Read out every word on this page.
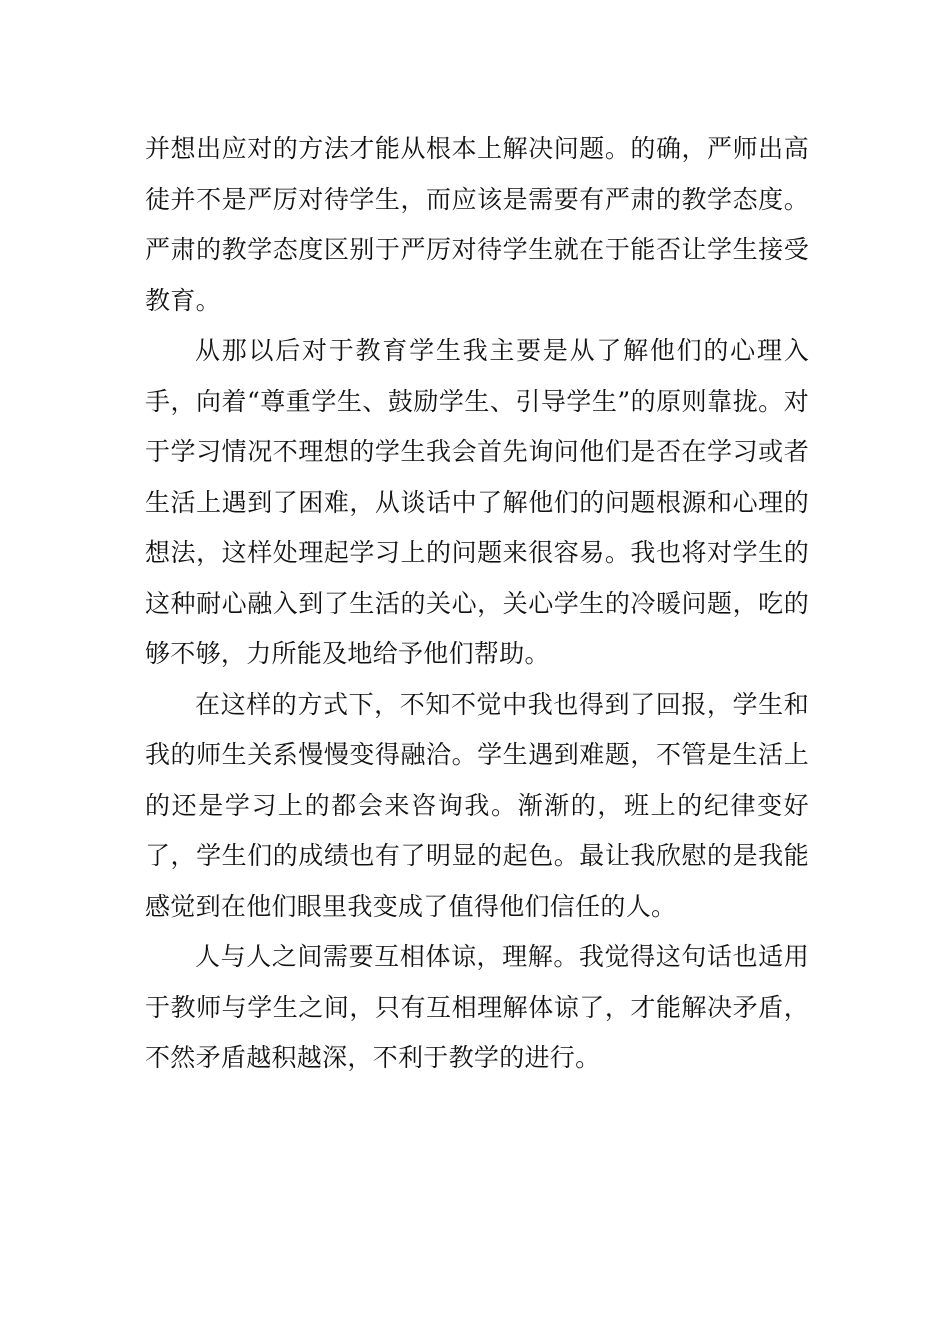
并想出应对的方法才能从根本上解决问题。的确，严师出高徒并不是严厉对待学生，而应该是需要有严肃的教学态度。严肃的教学态度区别于严厉对待学生就在于能否让学生接受教育。

从那以后对于教育学生我主要是从了解他们的心理入手，向着“尊重学生、鼓励学生、引导学生”的原则靠拢。对于学习情况不理想的学生我会首先询问他们是否在学习或者生活上遇到了困难，从谈话中了解他们的问题根源和心理的想法，这样处理起学习上的问题来很容易。我也将对学生的这种耐心融入到了生活的关心，关心学生的冷暖问题，吃的够不够，力所能及地给予他们帮助。

在这样的方式下，不知不觉中我也得到了回报，学生和我的师生关系慢慢变得融洽。学生遇到难题，不管是生活上的还是学习上的都会来咨询我。渐渐的，班上的纪律变好了，学生们的成绩也有了明显的起色。最让我欣慰的是我能感觉到在他们眼里我变成了值得他们信任的人。

人与人之间需要互相体谅，理解。我觉得这句话也适用于教师与学生之间，只有互相理解体谅了，才能解决矛盾，不然矛盾越积越深，不利于教学的进行。
